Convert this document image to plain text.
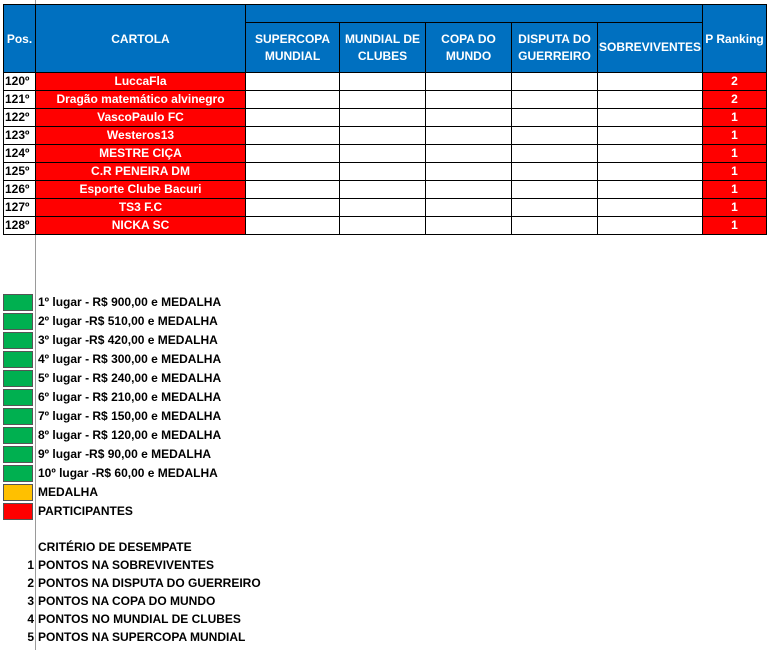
Pos.	CARTOLA						P Ranking
		SUPERCOPA MUNDIAL	MUNDIAL DE CLUBES	COPA DO MUNDO	DISPUTA DO GUERREIRO	SOBREVIVENTES	
120º	LuccaFla						2
121º	Dragão matemático alvinegro						2
122º	VascoPaulo FC						1
123º	Westeros13						1
124º	MESTRE CIÇA						1
125º	C.R PENEIRA DM						1
126º	Esporte Clube Bacuri						1
127º	TS3 F.C						1
128º	NICKA SC						1
1º lugar - R$ 900,00 e MEDALHA
2º lugar -R$ 510,00 e MEDALHA
3º lugar -R$ 420,00 e MEDALHA
4º lugar - R$ 300,00 e MEDALHA
5º lugar - R$ 240,00 e MEDALHA
6º lugar - R$ 210,00 e MEDALHA
7º lugar - R$ 150,00 e MEDALHA
8º lugar - R$ 120,00 e MEDALHA
9º lugar -R$ 90,00 e MEDALHA
10º lugar -R$ 60,00 e MEDALHA
MEDALHA
PARTICIPANTES
CRITÉRIO DE DESEMPATE
1 PONTOS NA SOBREVIVENTES
2 PONTOS NA DISPUTA DO GUERREIRO
3 PONTOS NA COPA DO MUNDO
4 PONTOS NO MUNDIAL DE CLUBES
5 PONTOS NA SUPERCOPA MUNDIAL
